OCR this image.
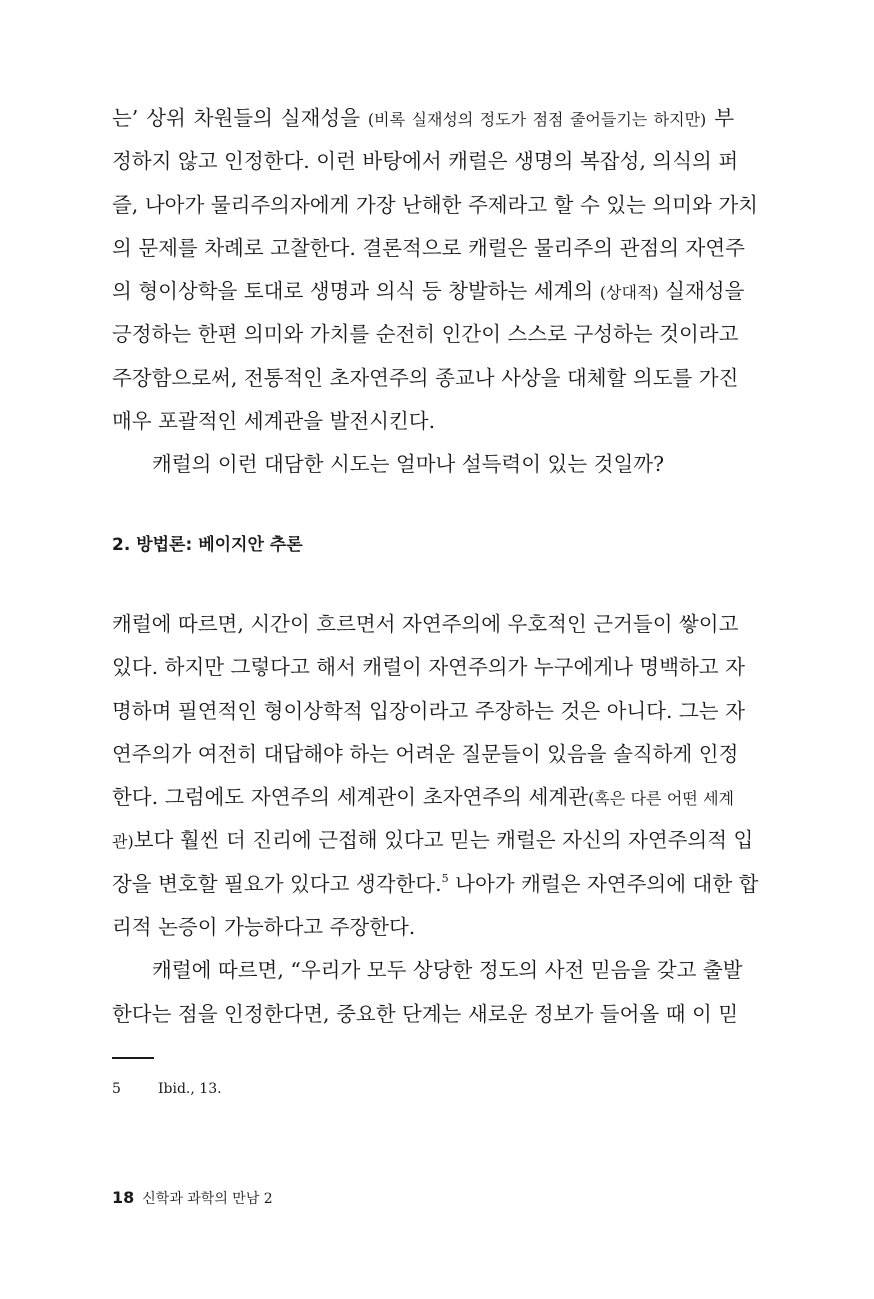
는’ 상위 차원들의 실재성을 (비록 실재성의 정도가 점점 줄어들기는 하지만) 부
정하지 않고 인정한다. 이런 바탕에서 캐럴은 생명의 복잡성, 의식의 퍼
즐, 나아가 물리주의자에게 가장 난해한 주제라고 할 수 있는 의미와 가치
의 문제를 차례로 고찰한다. 결론적으로 캐럴은 물리주의 관점의 자연주
의 형이상학을 토대로 생명과 의식 등 창발하는 세계의 (상대적) 실재성을
긍정하는 한편 의미와 가치를 순전히 인간이 스스로 구성하는 것이라고
주장함으로써, 전통적인 초자연주의 종교나 사상을 대체할 의도를 가진
매우 포괄적인 세계관을 발전시킨다.
캐럴의 이런 대담한 시도는 얼마나 설득력이 있는 것일까?
2. 방법론: 베이지안 추론
캐럴에 따르면, 시간이 흐르면서 자연주의에 우호적인 근거들이 쌓이고
있다. 하지만 그렇다고 해서 캐럴이 자연주의가 누구에게나 명백하고 자
명하며 필연적인 형이상학적 입장이라고 주장하는 것은 아니다. 그는 자
연주의가 여전히 대답해야 하는 어려운 질문들이 있음을 솔직하게 인정
한다. 그럼에도 자연주의 세계관이 초자연주의 세계관(혹은 다른 어떤 세계
관)보다 훨씬 더 진리에 근접해 있다고 믿는 캐럴은 자신의 자연주의적 입
장을 변호할 필요가 있다고 생각한다.$^5$ 나아가 캐럴은 자연주의에 대한 합
리적 논증이 가능하다고 주장한다.
캐럴에 따르면, “우리가 모두 상당한 정도의 사전 믿음을 갖고 출발
한다는 점을 인정한다면, 중요한 단계는 새로운 정보가 들어올 때 이 믿
5	Ibid., 13.
18 신학과 과학의 만남 2
